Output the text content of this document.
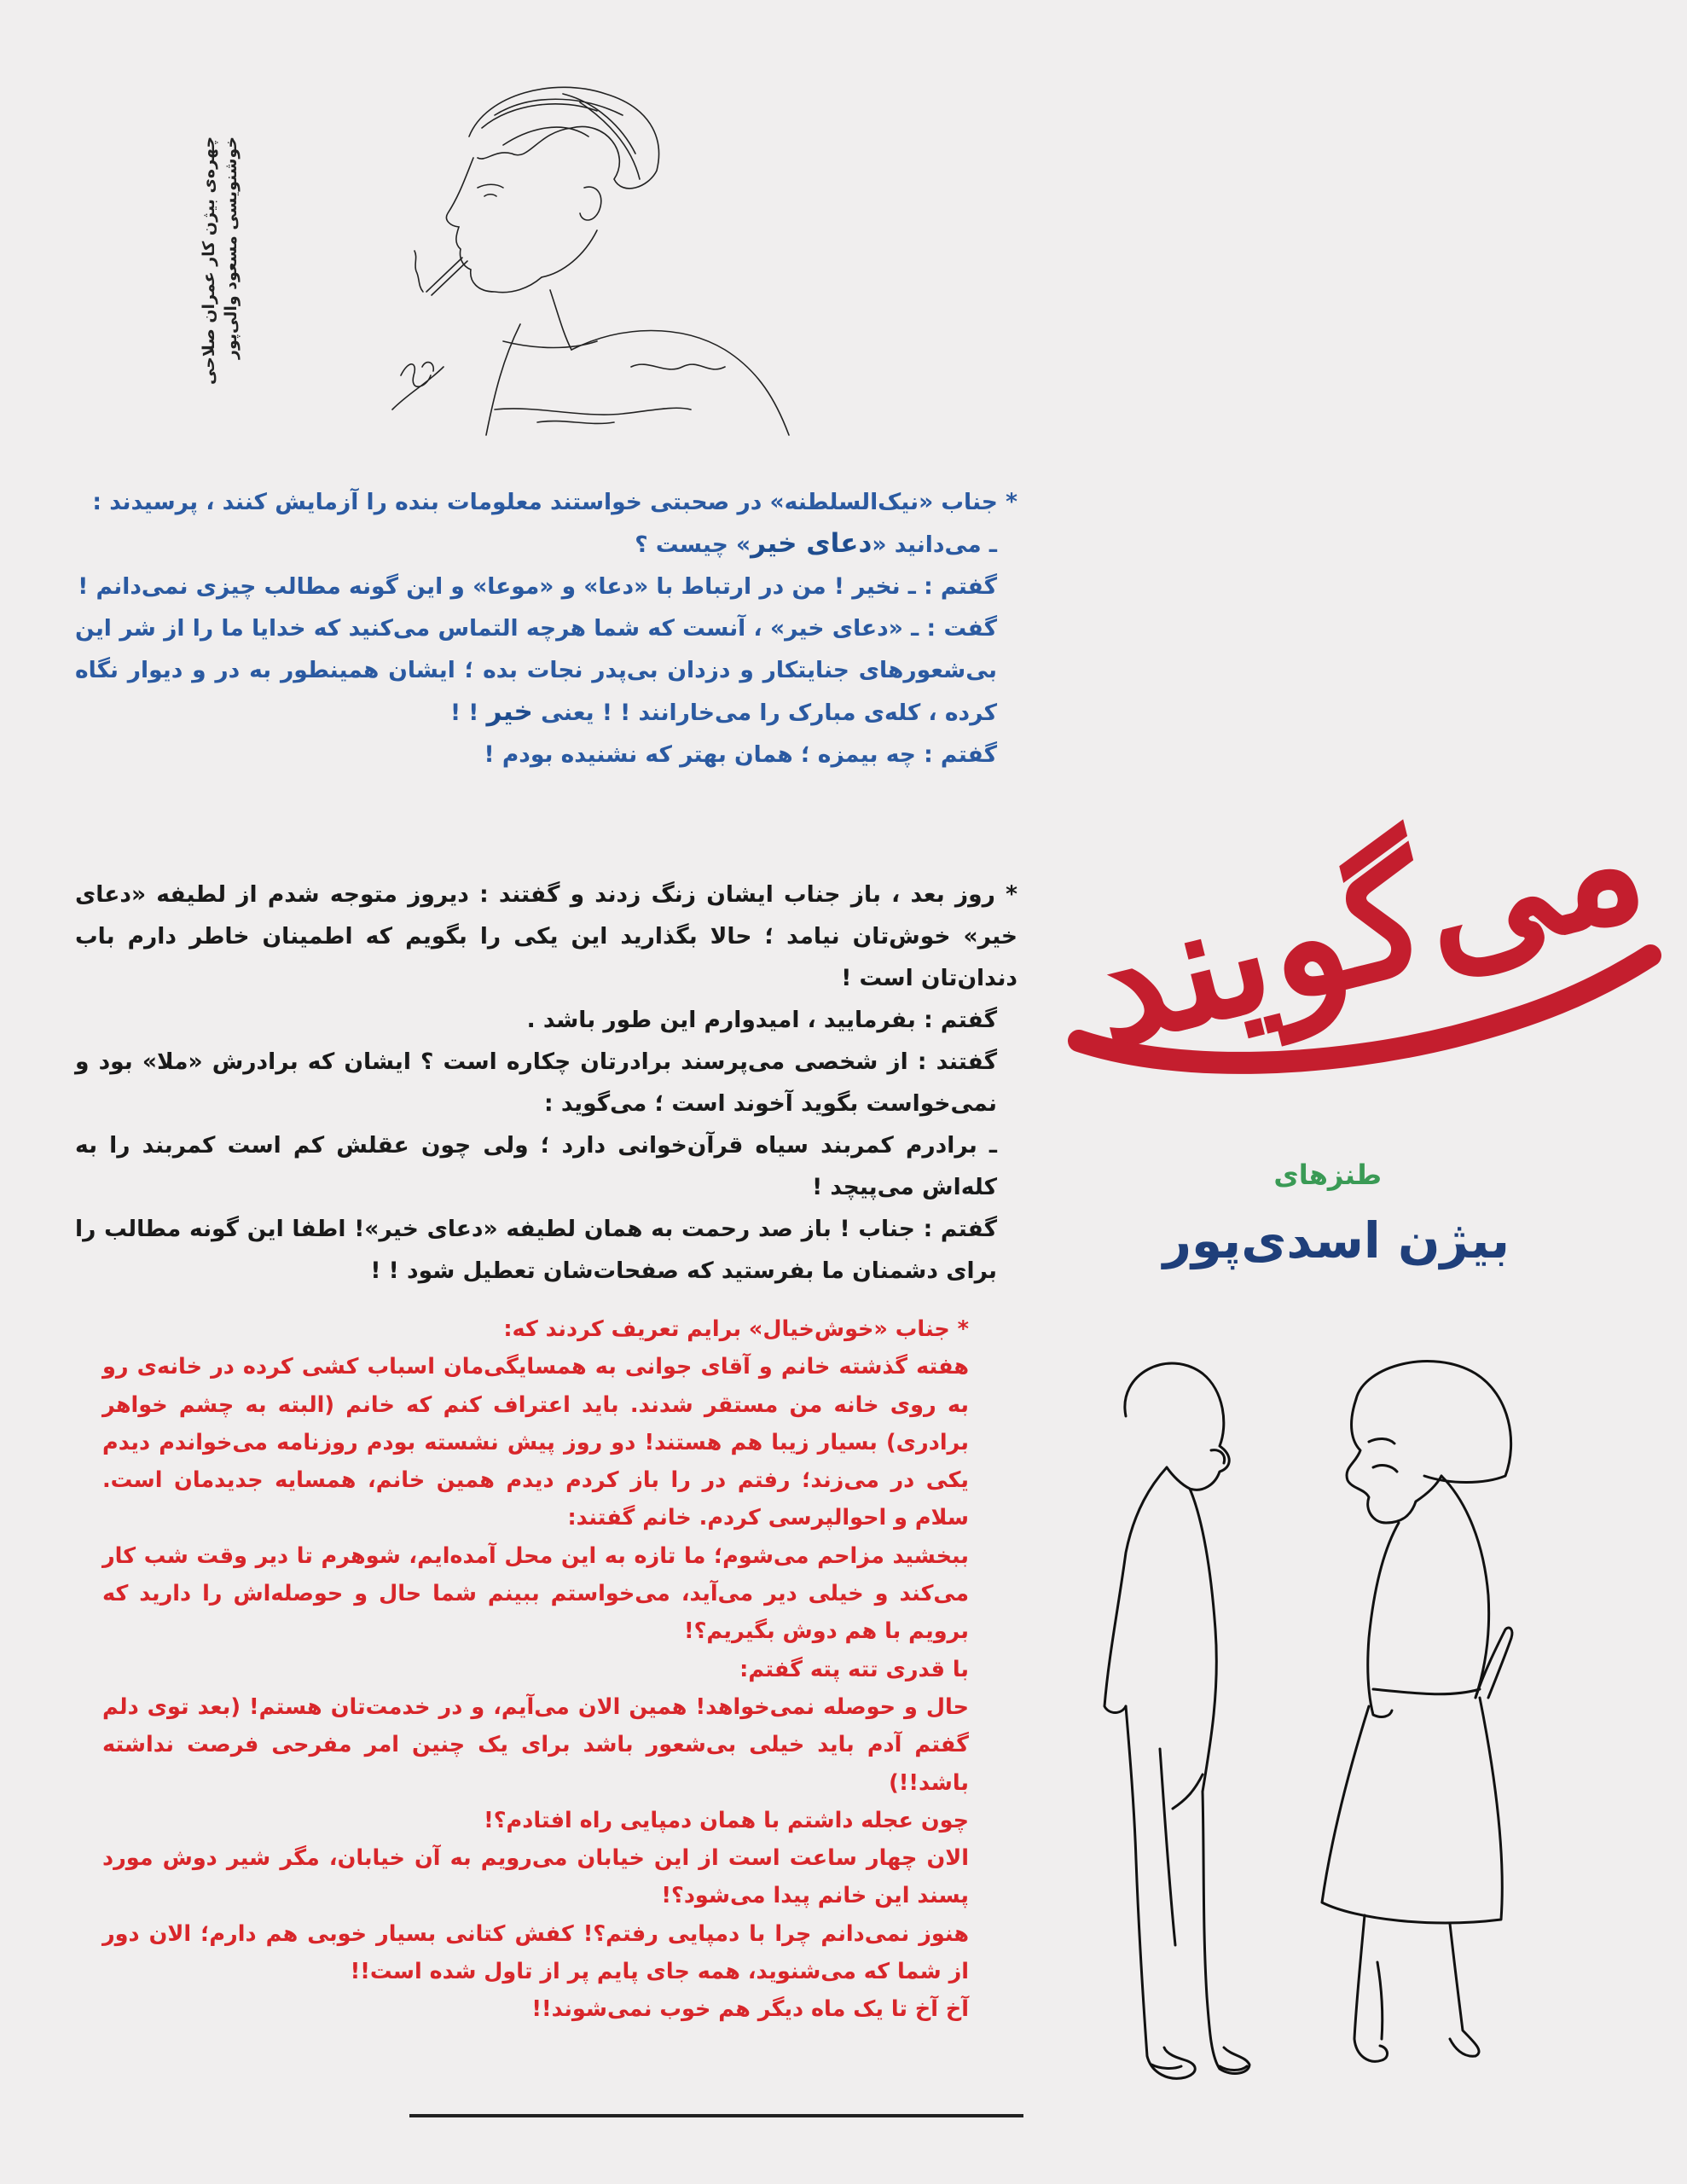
چهره‌ی بیژن کار عمران صلاحی خوشنویسی مسعود والی‌پور

* جناب «نیک‌السلطنه» در صحبتی خواستند معلومات بنده را آزمایش کنند ، پرسیدند :

ـ می‌دانید «دعای خیر» چیست ؟

گفتم : ـ نخیر ! من در ارتباط با «دعا» و «موعا» و این گونه مطالب چیزی نمی‌دانم !

گفت : ـ «دعای خیر» ، آنست که شما هرچه التماس می‌کنید که خدایا ما را از شر این بی‌شعورهای جنایتکار و دزدان بی‌پدر نجات بده ؛ ایشان همینطور به در و دیوار نگاه کرده ، کله‌ی مبارک را می‌خارانند ! ! یعنی خیر ! !

گفتم : چه بیمزه ؛ همان بهتر که نشنیده بودم !

* روز بعد ، باز جناب ایشان زنگ زدند و گفتند : دیروز متوجه شدم از لطیفه «دعای خیر» خوش‌تان نیامد ؛ حالا بگذارید این یکی را بگویم که اطمینان خاطر دارم باب دندان‌تان است !

گفتم : بفرمایید ، امیدوارم این طور باشد .

گفتند : از شخصی می‌پرسند برادرتان چکاره است ؟ ایشان که برادرش «ملا» بود و نمی‌خواست بگوید آخوند است ؛ می‌گوید :

ـ برادرم کمربند سیاه قرآن‌خوانی دارد ؛ ولی چون عقلش کم است کمربند را به کله‌اش می‌پیچد !

گفتم : جناب ! باز صد رحمت به همان لطیفه «دعای خیر»! اطفا این گونه مطالب را برای دشمنان ما بفرستید که صفحات‌شان تعطیل شود ! !

* جناب «خوش‌خیال» برایم تعریف کردند که:

هفته گذشته خانم و آقای جوانی به همسایگی‌مان اسباب کشی کرده در خانه‌ی رو به روی خانه من مستقر شدند. باید اعتراف کنم که خانم (البته به چشم خواهر برادری) بسیار زیبا هم هستند! دو روز پیش نشسته بودم روزنامه می‌خواندم دیدم یکی در می‌زند؛ رفتم در را باز کردم دیدم همین خانم، همسایه جدیدمان است. سلام و احوالپرسی کردم. خانم گفتند:

ببخشید مزاحم می‌شوم؛ ما تازه به این محل آمده‌ایم، شوهرم تا دیر وقت شب کار می‌کند و خیلی دیر می‌آید، می‌خواستم ببینم شما حال و حوصله‌اش را دارید که برویم با هم دوش بگیریم؟!

با قدری تته پته گفتم:

حال و حوصله نمی‌خواهد! همین الان می‌آیم، و در خدمت‌تان هستم! (بعد توی دلم گفتم آدم باید خیلی بی‌شعور باشد برای یک چنین امر مفرحی فرصت نداشته باشد!!)

چون عجله داشتم با همان دمپایی راه افتادم؟!

الان چهار ساعت است از این خیابان می‌رویم به آن خیابان، مگر شیر دوش مورد پسند این خانم پیدا می‌شود؟!

هنوز نمی‌دانم چرا با دمپایی رفتم؟! کفش کتانی بسیار خوبی هم دارم؛ الان دور از شما که می‌شنوید، همه جای پایم پر از تاول شده است!!

آخ آخ تا یک ماه دیگر هم خوب نمی‌شوند!!

می‌گویند
طنزهای
بیژن اسدی‌پور
